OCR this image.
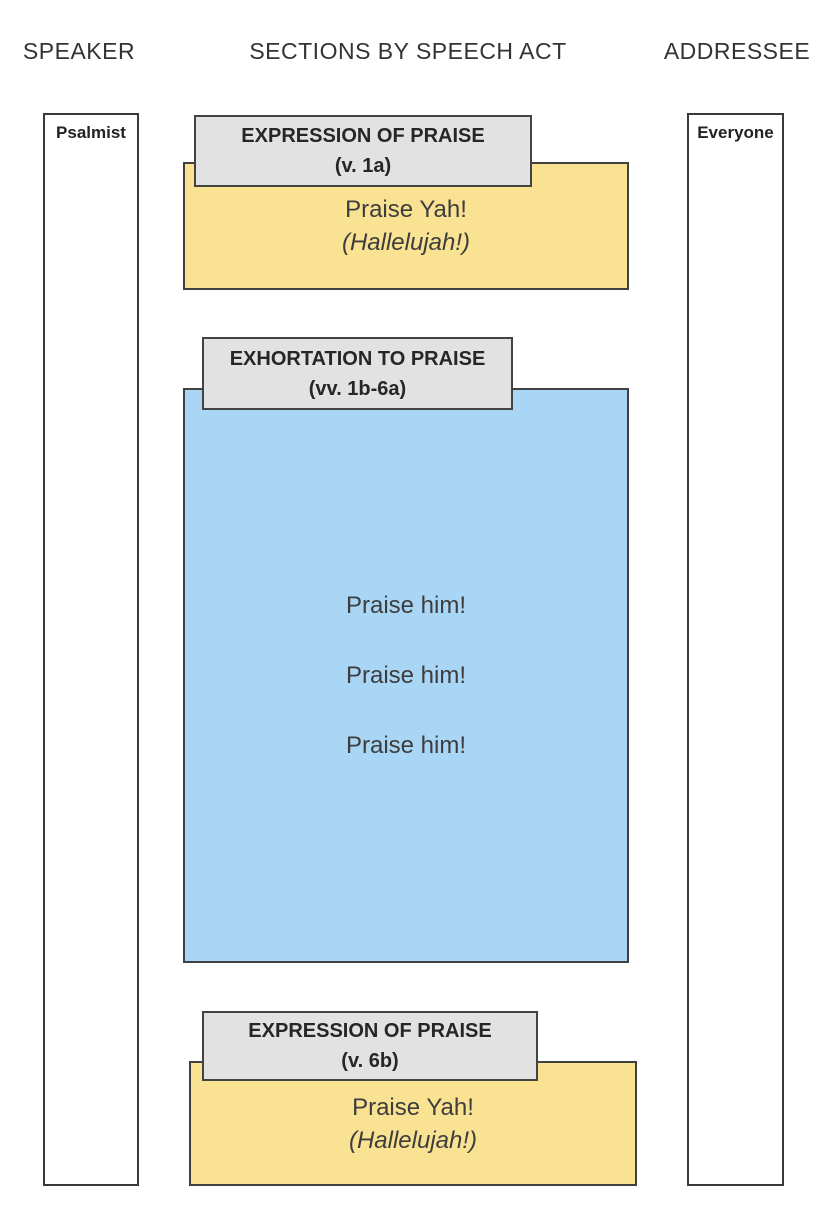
SPEAKER	SECTIONS BY SPEECH ACT	ADDRESSEE
Psalmist	Everyone
EXPRESSION OF PRAISE
(v. 1a)
Praise Yah!
(Hallelujah!)
EXHORTATION TO PRAISE
(vv. 1b-6a)
Praise him!
Praise him!
Praise him!
EXPRESSION OF PRAISE
(v. 6b)
Praise Yah!
(Hallelujah!)
